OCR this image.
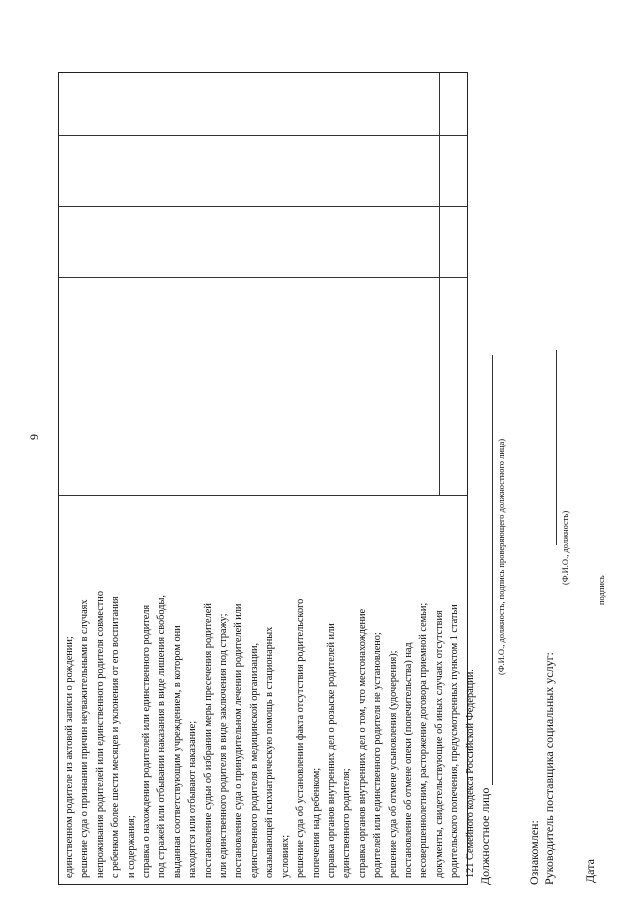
9
единственном родителе из актовой записи о рождении; решение суда о признании причин неуважительными в случаях непроживания родителей или единственного родителя совместно с ребенком более шести месяцев и уклонения от его воспитания и содержания; справка о нахождении родителей или единственного родителя под стражей или отбывании наказания в виде лишения свободы, выданная соответствующим учреждением, в котором они находятся или отбывают наказание; постановление судьи об избрании меры пресечения родителей или единственного родителя в виде заключения под стражу; постановление суда о принудительном лечении родителей или единственного родителя в медицинской организации, оказывающей психиатрическую помощь в стационарных условиях; решение суда об установлении факта отсутствия родительского попечения над ребенком; справка органов внутренних дел о розыске родителей или единственного родителя; справка органов внутренних дел о том, что местонахождение родителей или единственного родителя не установлено; решение суда об отмене усыновления (удочерения); постановление об отмене опеки (попечительства) над несовершеннолетним, расторжение договора приемной семьи; документы, свидетельствующие об иных случаях отсутствия родительского попечения, предусмотренных пунктом 1 статьи 121 Семейного кодекса Российской Федерации. Должностное лицо
(Ф.И.О., должность, подпись проверяющего должностного лица)
Ознакомлен: Руководитель поставщика социальных услуг:
(Ф.И.О., должность)
Дата
подпись
